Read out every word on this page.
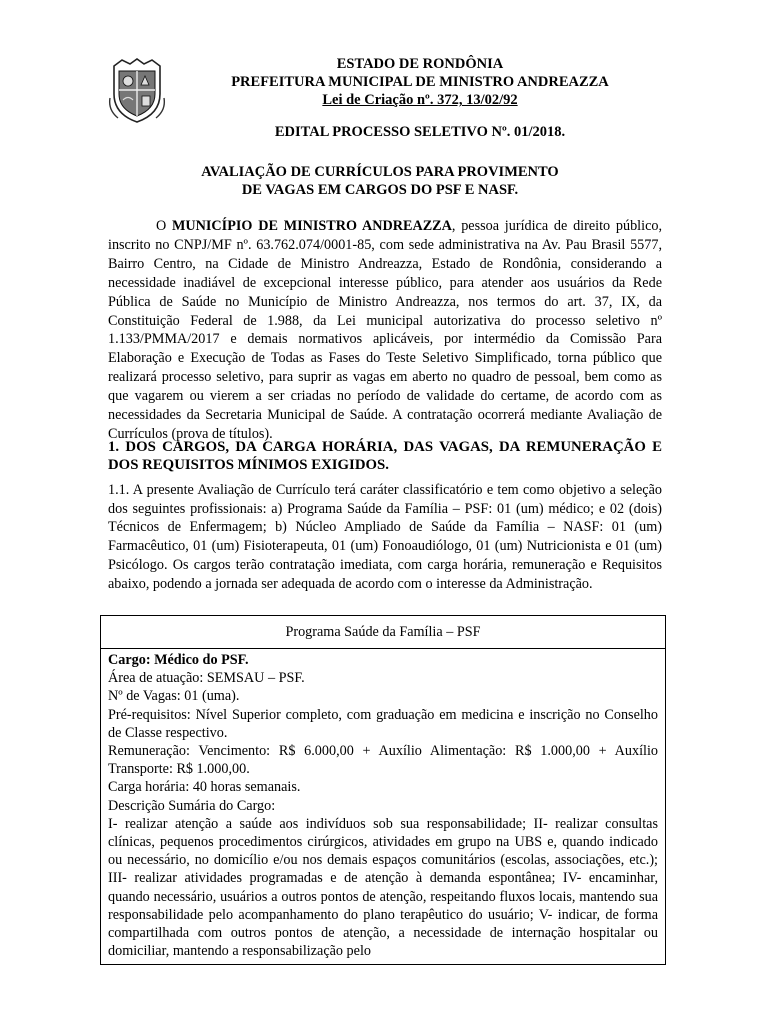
ESTADO DE RONDÔNIA
PREFEITURA MUNICIPAL DE MINISTRO ANDREAZZA
Lei de Criação nº. 372, 13/02/92
EDITAL PROCESSO SELETIVO Nº. 01/2018.
AVALIAÇÃO DE CURRÍCULOS PARA PROVIMENTO
DE VAGAS EM CARGOS DO PSF E NASF.
O MUNICÍPIO DE MINISTRO ANDREAZZA, pessoa jurídica de direito público, inscrito no CNPJ/MF nº. 63.762.074/0001-85, com sede administrativa na Av. Pau Brasil 5577, Bairro Centro, na Cidade de Ministro Andreazza, Estado de Rondônia, considerando a necessidade inadiável de excepcional interesse público, para atender aos usuários da Rede Pública de Saúde no Município de Ministro Andreazza, nos termos do art. 37, IX, da Constituição Federal de 1.988, da Lei municipal autorizativa do processo seletivo nº 1.133/PMMA/2017 e demais normativos aplicáveis, por intermédio da Comissão Para Elaboração e Execução de Todas as Fases do Teste Seletivo Simplificado, torna público que realizará processo seletivo, para suprir as vagas em aberto no quadro de pessoal, bem como as que vagarem ou vierem a ser criadas no período de validade do certame, de acordo com as necessidades da Secretaria Municipal de Saúde. A contratação ocorrerá mediante Avaliação de Currículos (prova de títulos).
1. DOS CARGOS, DA CARGA HORÁRIA, DAS VAGAS, DA REMUNERAÇÃO E DOS REQUISITOS MÍNIMOS EXIGIDOS.
1.1. A presente Avaliação de Currículo terá caráter classificatório e tem como objetivo a seleção dos seguintes profissionais: a) Programa Saúde da Família – PSF: 01 (um) médico; e 02 (dois) Técnicos de Enfermagem; b) Núcleo Ampliado de Saúde da Família – NASF: 01 (um) Farmacêutico, 01 (um) Fisioterapeuta, 01 (um) Fonoaudiólogo, 01 (um) Nutricionista e 01 (um) Psicólogo. Os cargos terão contratação imediata, com carga horária, remuneração e Requisitos abaixo, podendo a jornada ser adequada de acordo com o interesse da Administração.
Programa Saúde da Família – PSF
Cargo: Médico do PSF.
Área de atuação: SEMSAU – PSF.
Nº de Vagas: 01 (uma).
Pré-requisitos: Nível Superior completo, com graduação em medicina e inscrição no Conselho de Classe respectivo.
Remuneração: Vencimento: R$ 6.000,00 + Auxílio Alimentação: R$ 1.000,00 + Auxílio Transporte: R$ 1.000,00.
Carga horária: 40 horas semanais.
Descrição Sumária do Cargo:
I- realizar atenção a saúde aos indivíduos sob sua responsabilidade; II- realizar consultas clínicas, pequenos procedimentos cirúrgicos, atividades em grupo na UBS e, quando indicado ou necessário, no domicílio e/ou nos demais espaços comunitários (escolas, associações, etc.); III- realizar atividades programadas e de atenção à demanda espontânea; IV- encaminhar, quando necessário, usuários a outros pontos de atenção, respeitando fluxos locais, mantendo sua responsabilidade pelo acompanhamento do plano terapêutico do usuário; V- indicar, de forma compartilhada com outros pontos de atenção, a necessidade de internação hospitalar ou domiciliar, mantendo a responsabilização pelo
